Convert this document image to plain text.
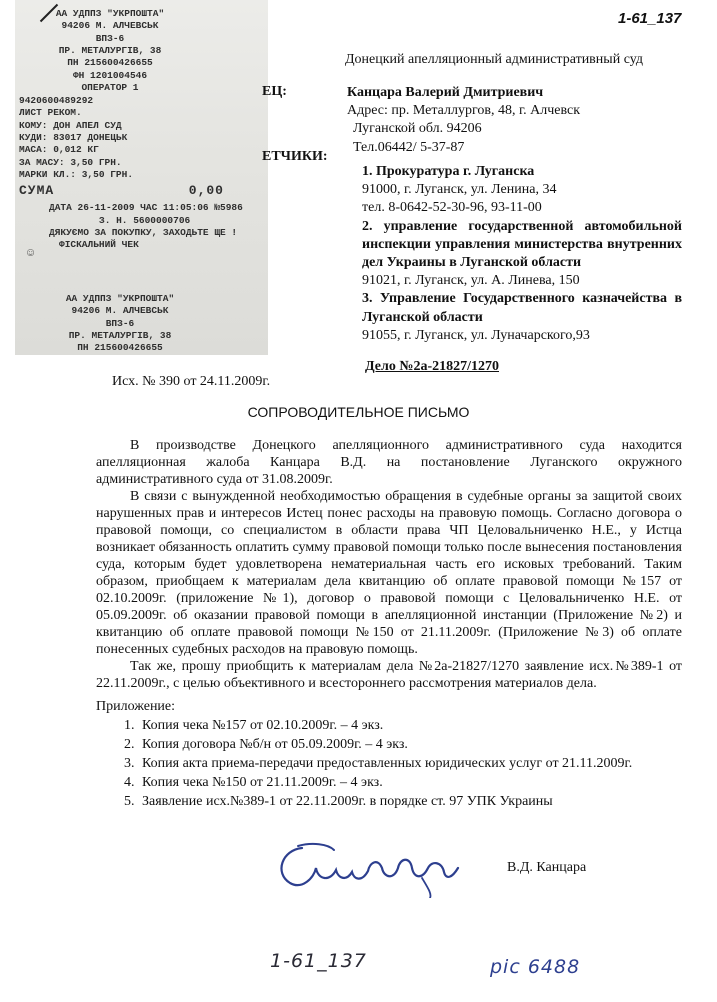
1-61_137
АА УДППЗ "УКРПОШТА"
94206 М. АЛЧЕВСЬК ВПЗ-6
ПР. МЕТАЛУРГІВ, 38
ПН 215600426655
ФН 1201004546
ОПЕРАТОР 1
9420600489292
ЛИСТ РЕКОМ.
КОМУ: ДОН АПЕЛ СУД
КУДИ: 83017 ДОНЕЦЬК
МАСА: 0,012 КГ
ЗА МАСУ: 3,50 ГРН.
МАРКИ КЛ.: 3,50 ГРН.
СУМА	0,00
ДАТА 26-11-2009 ЧАС 11:05:06 №5986
З. Н. 5600000706
ДЯКУЄМО ЗА ПОКУПКУ, ЗАХОДЬТЕ ЩЕ !
ФІСКАЛЬНИЙ ЧЕК
☺
АА УДППЗ "УКРПОШТА"
94206 М. АЛЧЕВСЬК ВПЗ-6
ПР. МЕТАЛУРГІВ, 38
ПН 215600426655
Донецкий апелляционный административный суд
ЕЦ:
ЕТЧИКИ:
Канцара Валерий Дмитриевич
Адрес: пр. Металлургов, 48, г. Алчевск
Луганской обл. 94206
Тел.06442/ 5-37-87
1. Прокуратура г. Луганска
91000, г. Луганск, ул. Ленина, 34
тел. 8-0642-52-30-96, 93-11-00
2. управление государственной автомобильной инспекции управления министерства внутренних дел Украины в Луганской области
91021, г. Луганск, ул. А. Линева, 150
3. Управление Государственного казначейства в Луганской области
91055, г. Луганск, ул. Луначарского,93
Дело №2а-21827/1270
Исх. № 390 от 24.11.2009г.
СОПРОВОДИТЕЛЬНОЕ ПИСЬМО

В производстве Донецкого апелляционного административного суда находится апелляционная жалоба Канцара В.Д. на постановление Луганского окружного административного суда от 31.08.2009г.

В связи с вынужденной необходимостью обращения в судебные органы за защитой своих нарушенных прав и интересов Истец понес расходы на правовую помощь. Согласно договора о правовой помощи, со специалистом в области права ЧП Целовальниченко Н.Е., у Истца возникает обязанность оплатить сумму правовой помощи только после вынесения постановления суда, которым будет удовлетворена нематериальная часть его исковых требований. Таким образом, приобщаем к материалам дела квитанцию об оплате правовой помощи №157 от 02.10.2009г. (приложение №1), договор о правовой помощи с Целовальниченко Н.Е. от 05.09.2009г. об оказании правовой помощи в апелляционной инстанции (Приложение №2) и квитанцию об оплате правовой помощи №150 от 21.11.2009г. (Приложение №3) об оплате понесенных судебных расходов на правовую помощь.

Так же, прошу приобщить к материалам дела №2а-21827/1270 заявление исх.№389-1 от 22.11.2009г., с целью объективного и всестороннего рассмотрения материалов дела.

Приложение:
1. Копия чека №157 от 02.10.2009г. – 4 экз.
2. Копия договора №б/н от 05.09.2009г. – 4 экз.
3. Копия акта приема-передачи предоставленных юридических услуг от 21.11.2009г.
4. Копия чека №150 от 21.11.2009г. – 4 экз.
5. Заявление исх.№389-1 от 22.11.2009г. в порядке ст. 97 УПК Украины
В.Д. Канцара
1-61_137	pic 6488
